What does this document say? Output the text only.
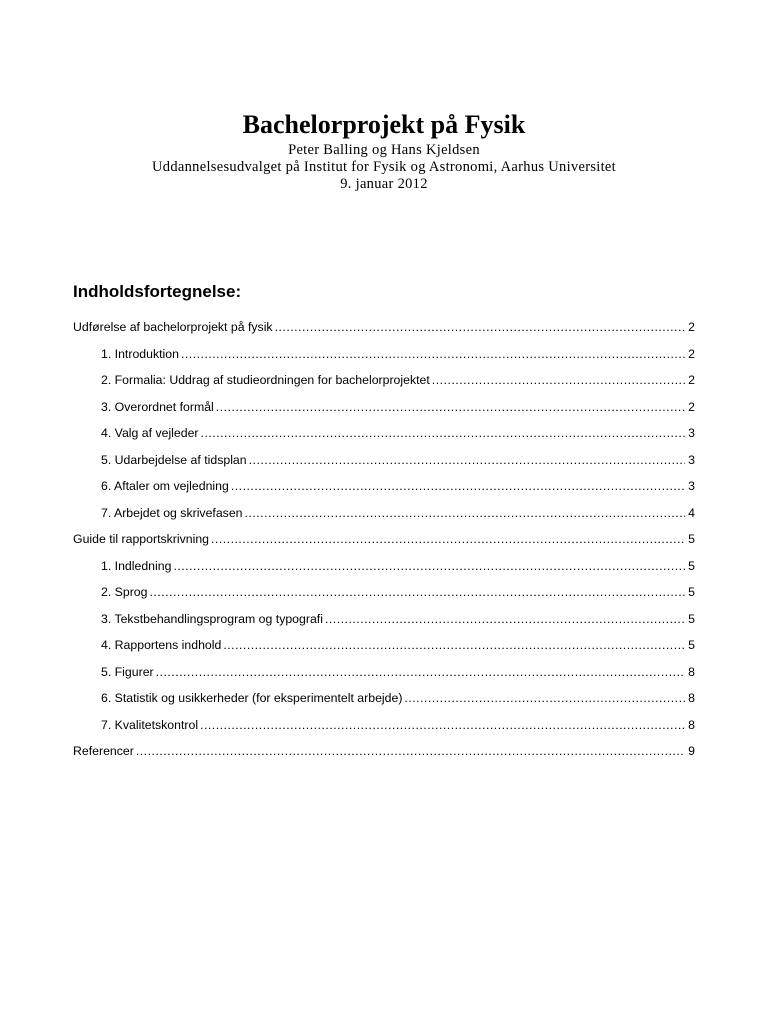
Bachelorprojekt på Fysik

Peter Balling og Hans Kjeldsen

Uddannelsesudvalget på Institut for Fysik og Astronomi, Aarhus Universitet

9. januar 2012

Indholdsfortegnelse:
Udførelse af bachelorprojekt på fysik .....	2
1. Introduktion .....	2
2. Formalia: Uddrag af studieordningen for bachelorprojektet .....	2
3. Overordnet formål .....	2
4. Valg af vejleder .....	3
5. Udarbejdelse af tidsplan .....	3
6. Aftaler om vejledning .....	3
7. Arbejdet og skrivefasen .....	4
Guide til rapportskrivning .....	5
1. Indledning .....	5
2. Sprog .....	5
3. Tekstbehandlingsprogram og typografi .....	5
4. Rapportens indhold .....	5
5. Figurer .....	8
6. Statistik og usikkerheder (for eksperimentelt arbejde) .....	8
7. Kvalitetskontrol .....	8
Referencer .....	9
